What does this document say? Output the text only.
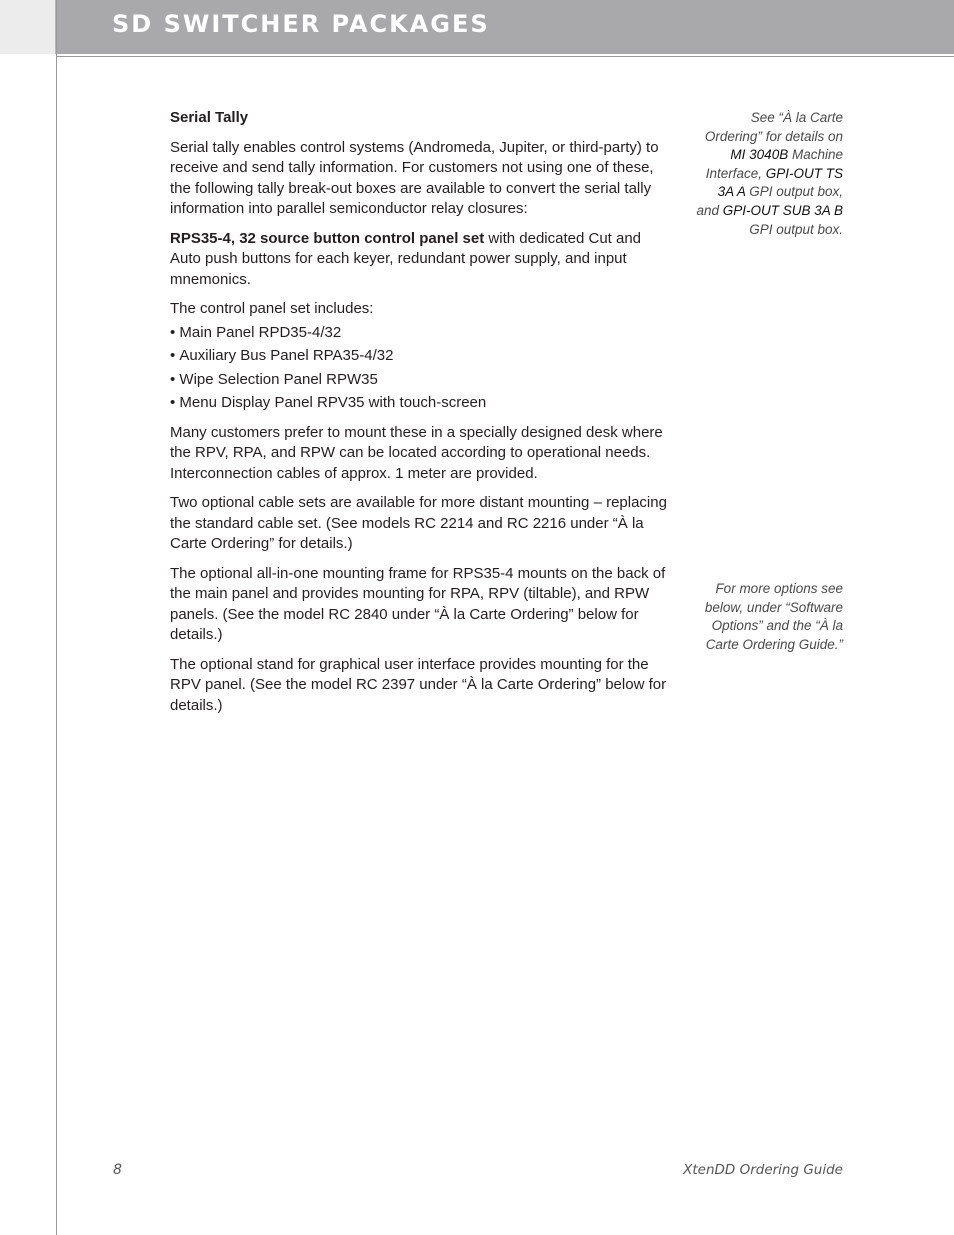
SD SWITCHER PACKAGES

Serial Tally

Serial tally enables control systems (Andromeda, Jupiter, or third-party) to receive and send tally information. For customers not using one of these, the following tally break-out boxes are available to convert the serial tally information into parallel semiconductor relay closures:

RPS35-4, 32 source button control panel set with dedicated Cut and Auto push buttons for each keyer, redundant power supply, and input mnemonics.

The control panel set includes:

• Main Panel RPD35-4/32
• Auxiliary Bus Panel RPA35-4/32
• Wipe Selection Panel RPW35
• Menu Display Panel RPV35 with touch-screen

Many customers prefer to mount these in a specially designed desk where the RPV, RPA, and RPW can be located according to operational needs. Interconnection cables of approx. 1 meter are provided.

Two optional cable sets are available for more distant mounting – replacing the standard cable set. (See models RC 2214 and RC 2216 under “À la Carte Ordering” for details.)

The optional all-in-one mounting frame for RPS35-4 mounts on the back of the main panel and provides mounting for RPA, RPV (tiltable), and RPW panels. (See the model RC 2840 under “À la Carte Ordering” below for details.)

The optional stand for graphical user interface provides mounting for the RPV panel. (See the model RC 2397 under “À la Carte Ordering” below for details.)

See “À la Carte Ordering” for details on MI 3040B Machine Interface, GPI-OUT TS 3A A GPI output box, and GPI-OUT SUB 3A B GPI output box.
For more options see below, under “Software Options” and the “À la Carte Ordering Guide.”
8	XtenDD Ordering Guide
